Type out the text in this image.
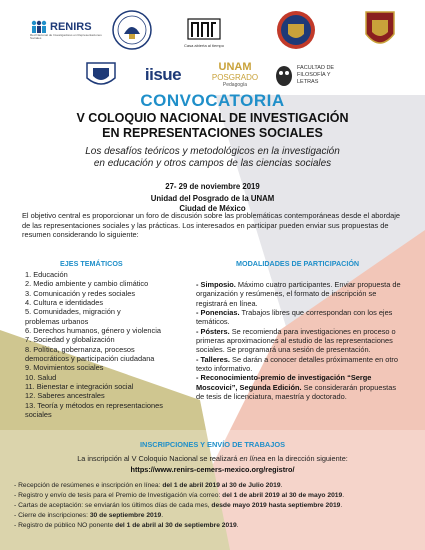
RENIRS
Red Nacional de Investigadores en Representaciones Sociales
Casa abierta al tiempo
iisue	UNAM
POSGRADO
Pedagogía
FACULTAD DE FILOSOFÍA Y LETRAS
CONVOCATORIA
V COLOQUIO NACIONAL DE INVESTIGACIÓN
EN REPRESENTACIONES SOCIALES
Los desafíos teóricos y metodológicos en la investigación
en educación y otros campos de las ciencias sociales
27- 29 de noviembre 2019
Unidad del Posgrado de la UNAM
Ciudad de México
El objetivo central es proporcionar un foro de discusión sobre las problemáticas contemporáneas desde el abordaje de las representaciones sociales y las prácticas. Los interesados en participar pueden enviar sus propuestas de resumen considerando lo siguiente:
EJES TEMÁTICOS	MODALIDADES DE PARTICIPACIÓN
1. Educación
2. Medio ambiente y cambio climático
3. Comunicación y redes sociales
4. Cultura e identidades
5. Comunidades, migración y
problemas urbanos
6. Derechos humanos, género y violencia
7. Sociedad y globalización
8. Política, gobernanza, procesos
democráticos y participación ciudadana
9. Movimientos sociales
10. Salud
11. Bienestar e integración social
12. Saberes ancestrales
13. Teoría y métodos en representaciones
sociales
- Simposio. Máximo cuatro participantes. Enviar propuesta de organización y resúmenes, el formato de inscripción se registrará en línea.
- Ponencias. Trabajos libres que correspondan con los ejes temáticos.
- Pósters. Se recomienda para investigaciones en proceso o primeras aproximaciones al estudio de las representaciones sociales. Se programará una sesión de presentación.
- Talleres. Se darán a conocer detalles próximamente en otro texto informativo.
- Reconocimiento-premio de investigación “Serge Moscovici”, Segunda Edición. Se considerarán propuestas de tesis de licenciatura, maestría y doctorado.
INSCRIPCIONES Y ENVÍO DE TRABAJOS
La inscripción al V Coloquio Nacional se realizará en línea en la dirección siguiente:
https://www.renirs-cemers-mexico.org/registro/
- Recepción de resúmenes e inscripción en línea: del 1 de abril 2019 al 30 de Julio 2019.
- Registro y envío de tesis para el Premio de Investigación vía correo: del 1 de abril 2019 al 30 de mayo 2019.
- Cartas de aceptación: se enviarán los últimos días de cada mes, desde mayo 2019 hasta septiembre 2019.
- Cierre de inscripciones: 30 de septiembre 2019.
- Registro de público NO ponente del 1 de abril al 30 de septiembre 2019.
